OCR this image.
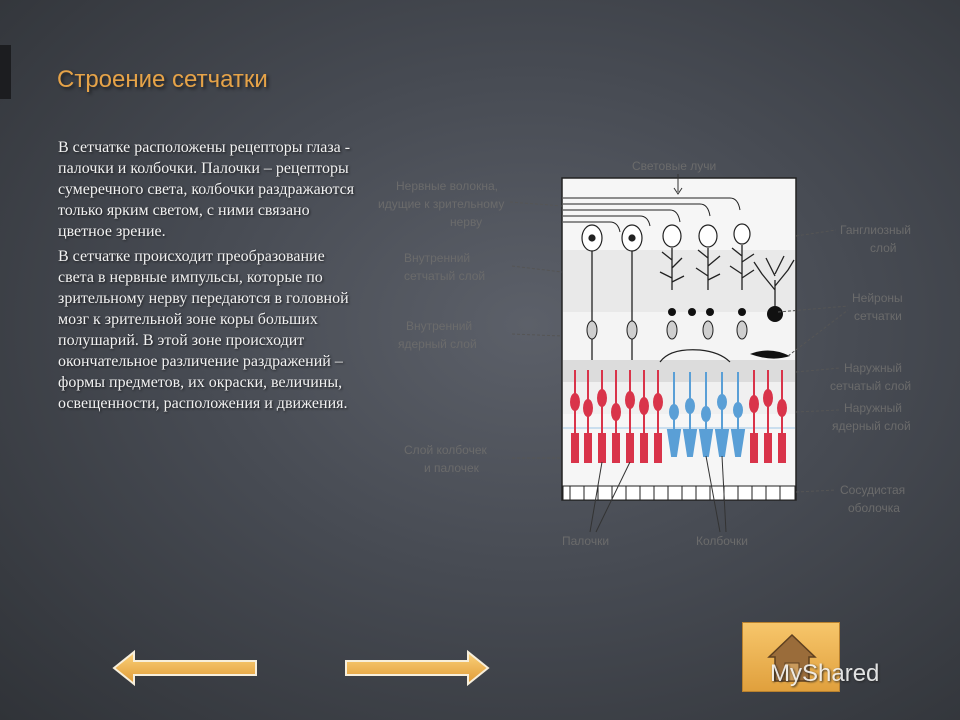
Строение сетчатки

В сетчатке расположены рецепторы глаза - палочки и колбочки. Палочки – рецепторы сумеречного света, колбочки раздражаются только ярким светом, с ними связано цветное зрение.

В сетчатке происходит преобразование света в нервные импульсы, которые по зрительному нерву передаются в головной мозг к зрительной зоне коры больших полушарий. В этой зоне происходит окончательное различение раздражений – формы предметов, их окраски, величины, освещенности, расположения и движения.

Световые лучи
Нервные волокна,
идущие к зрительному
нерву
Внутренний
сетчатый слой
Внутренний
ядерный слой
Слой колбочек
и палочек
Ганглиозный
слой
Нейроны
сетчатки
Наружный
сетчатый слой
Наружный
ядерный слой
Сосудистая
оболочка
Палочки	Колбочки
MyShared
